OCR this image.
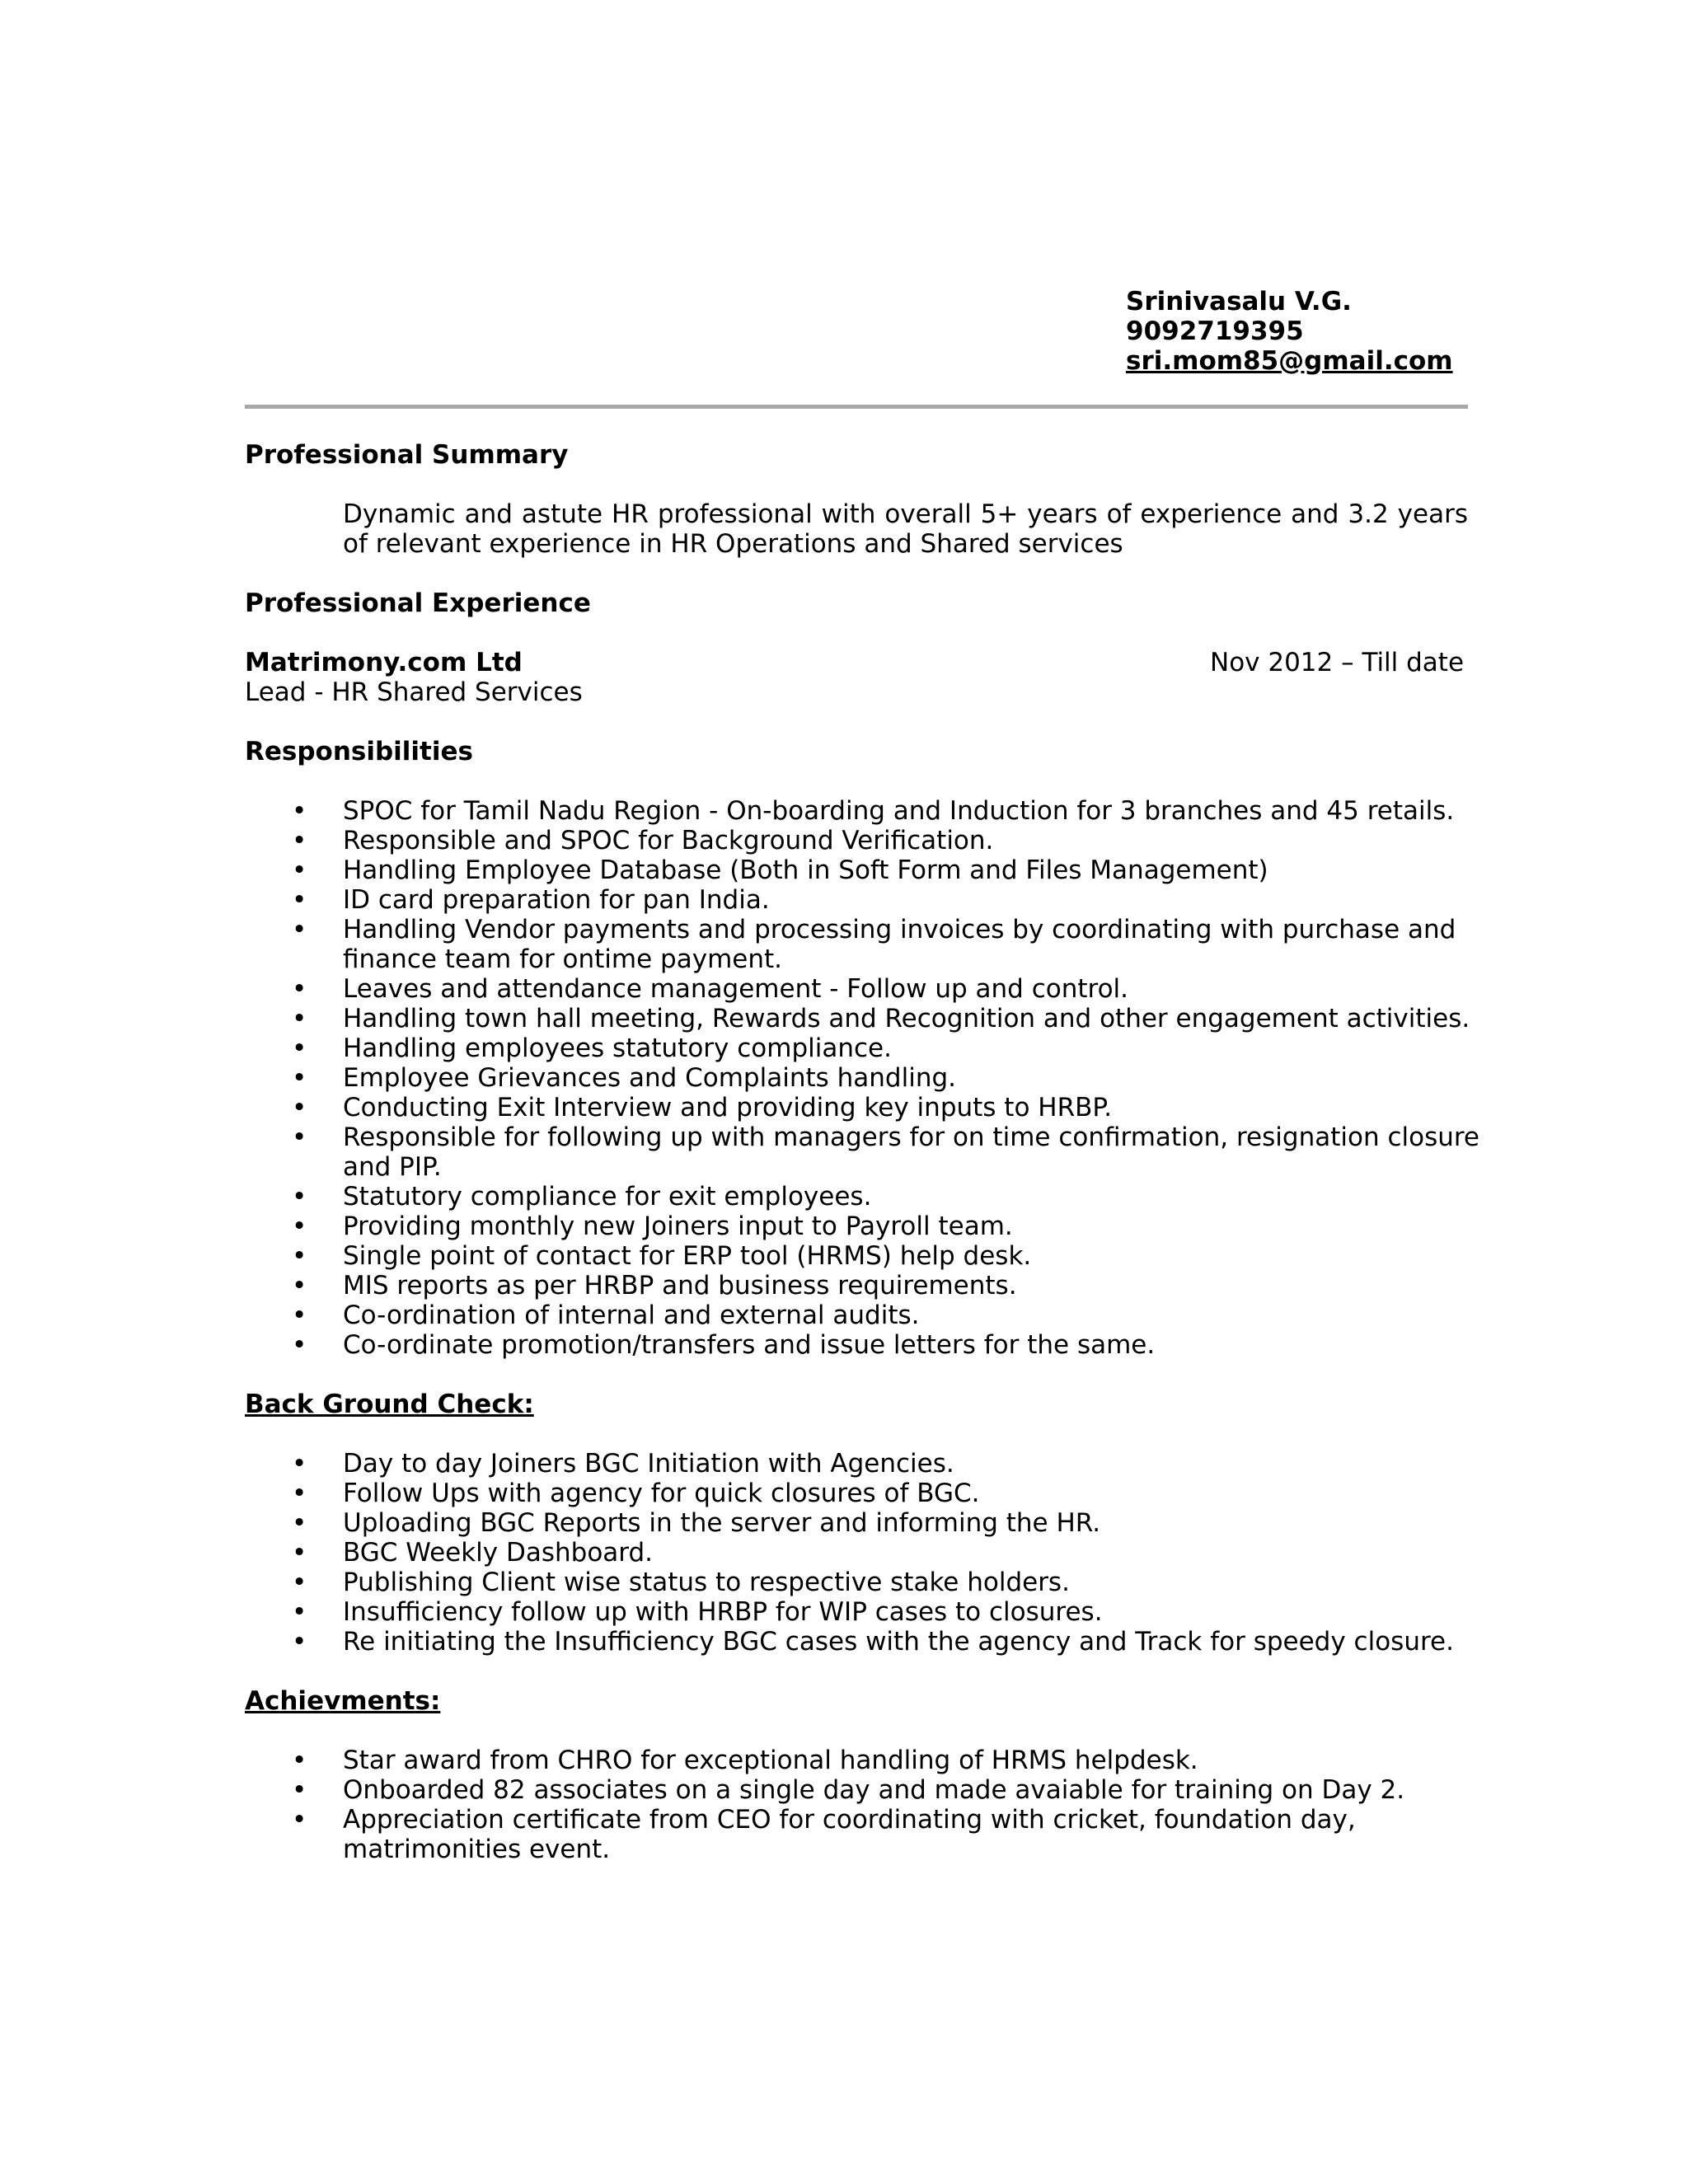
Srinivasalu V.G.
9092719395
sri.mom85@gmail.com
Professional Summary
Dynamic and astute HR professional with overall 5+ years of experience and 3.2 years of relevant experience in HR Operations and Shared services
Professional Experience
Matrimony.com Ltd	Nov 2012 – Till date
Lead - HR Shared Services
Responsibilities
• SPOC for Tamil Nadu Region - On-boarding and Induction for 3 branches and 45 retails.
• Responsible and SPOC for Background Verification.
• Handling Employee Database (Both in Soft Form and Files Management)
• ID card preparation for pan India.
• Handling Vendor payments and processing invoices by coordinating with purchase and finance team for ontime payment.
• Leaves and attendance management - Follow up and control.
• Handling town hall meeting, Rewards and Recognition and other engagement activities.
• Handling employees statutory compliance.
• Employee Grievances and Complaints handling.
• Conducting Exit Interview and providing key inputs to HRBP.
• Responsible for following up with managers for on time confirmation, resignation closure and PIP.
• Statutory compliance for exit employees.
• Providing monthly new Joiners input to Payroll team.
• Single point of contact for ERP tool (HRMS) help desk.
• MIS reports as per HRBP and business requirements.
• Co-ordination of internal and external audits.
• Co-ordinate promotion/transfers and issue letters for the same.
Back Ground Check:
• Day to day Joiners BGC Initiation with Agencies.
• Follow Ups with agency for quick closures of BGC.
• Uploading BGC Reports in the server and informing the HR.
• BGC Weekly Dashboard.
• Publishing Client wise status to respective stake holders.
• Insufficiency follow up with HRBP for WIP cases to closures.
• Re initiating the Insufficiency BGC cases with the agency and Track for speedy closure.
Achievments:
• Star award from CHRO for exceptional handling of HRMS helpdesk.
• Onboarded 82 associates on a single day and made avaiable for training on Day 2.
• Appreciation certificate from CEO for coordinating with cricket, foundation day, matrimonities event.
